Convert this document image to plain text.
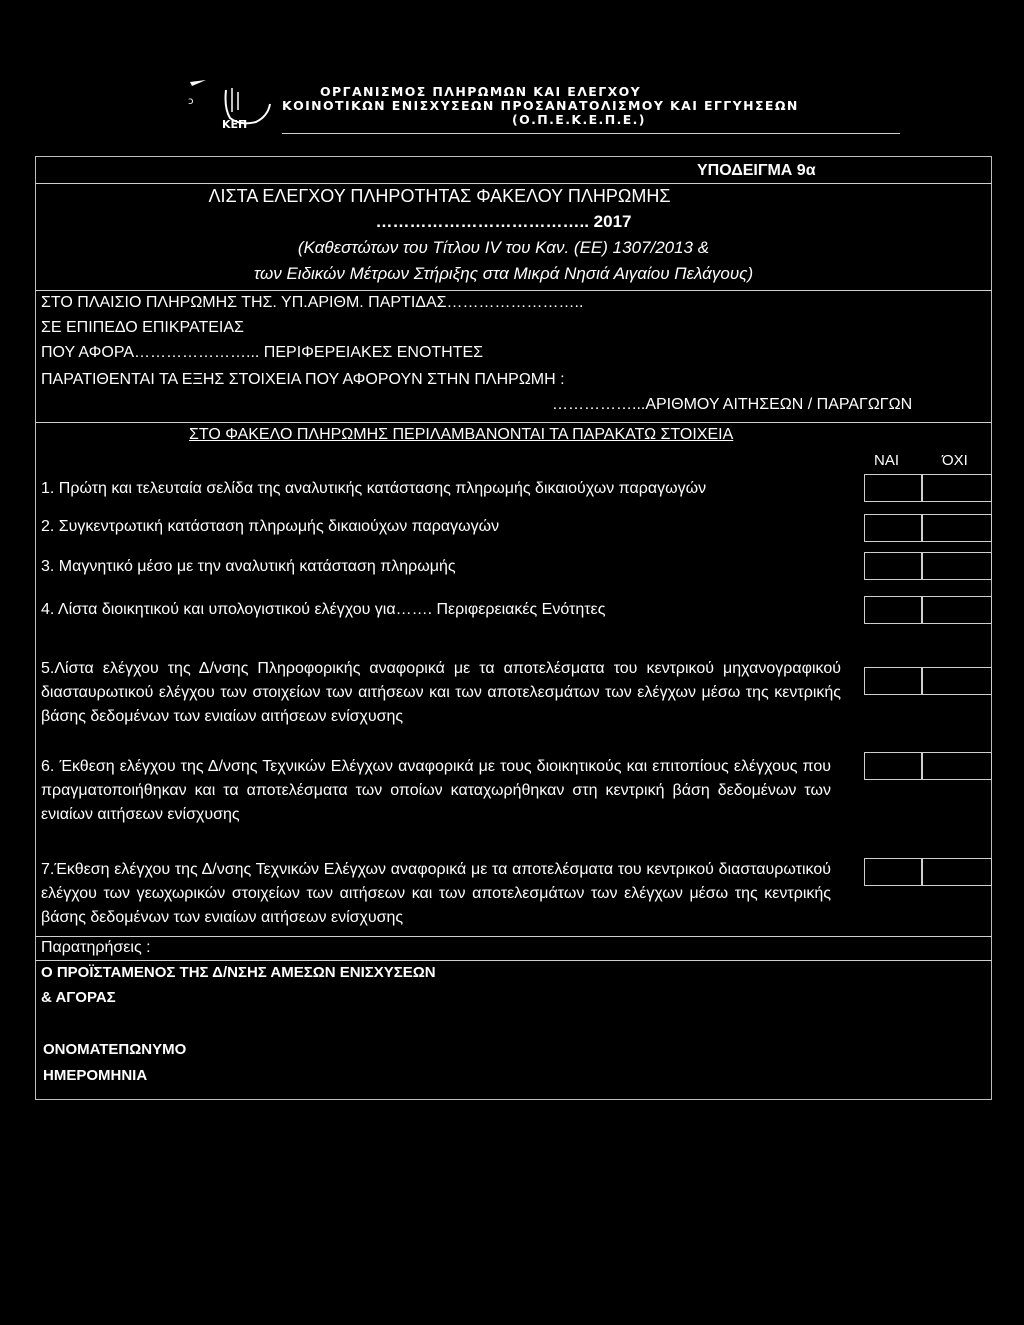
ɔ
ΚΕΠ
ΟΡΓΑΝΙΣΜΟΣ ΠΛΗΡΩΜΩΝ ΚΑΙ ΕΛΕΓΧΟΥ
ΚΟΙΝΟΤΙΚΩΝ ΕΝΙΣΧΥΣΕΩΝ ΠΡΟΣΑΝΑΤΟΛΙΣΜΟΥ ΚΑΙ ΕΓΓΥΗΣΕΩΝ
(Ο.Π.Ε.Κ.Ε.Π.Ε.)
ΥΠΟΔΕΙΓΜΑ 9α
ΛΙΣΤΑ ΕΛΕΓΧΟΥ ΠΛΗΡΟΤΗΤΑΣ ΦΑΚΕΛΟΥ ΠΛΗΡΩΜΗΣ
……………………………….. 2017
(Καθεστώτων του Τίτλου IV του Καν. (ΕΕ) 1307/2013 &
των Ειδικών Μέτρων Στήριξης στα Μικρά Νησιά Αιγαίου Πελάγους)
ΣΤΟ ΠΛΑΙΣΙΟ ΠΛΗΡΩΜΗΣ ΤΗΣ. ΥΠ.ΑΡΙΘΜ. ΠΑΡΤΙΔΑΣ……………………..
ΣΕ ΕΠΙΠΕΔΟ ΕΠΙΚΡΑΤΕΙΑΣ
ΠΟΥ ΑΦΟΡΑ…………………... ΠΕΡΙΦΕΡΕΙΑΚΕΣ ΕΝΟΤΗΤΕΣ
ΠΑΡΑΤΙΘΕΝΤΑΙ ΤΑ ΕΞΗΣ ΣΤΟΙΧΕΙΑ ΠΟΥ ΑΦΟΡΟΥΝ ΣΤΗΝ ΠΛΗΡΩΜΗ :
……………...ΑΡΙΘΜΟΥ ΑΙΤΗΣΕΩΝ / ΠΑΡΑΓΩΓΩΝ
ΣΤΟ ΦΑΚΕΛΟ ΠΛΗΡΩΜΗΣ ΠΕΡΙΛΑΜΒΑΝΟΝΤΑΙ ΤΑ ΠΑΡΑΚΑΤΩ ΣΤΟΙΧΕΙΑ
ΝΑΙ	ΌΧΙ
1. Πρώτη και τελευταία σελίδα της αναλυτικής κατάστασης πληρωμής δικαιούχων παραγωγών
2. Συγκεντρωτική κατάσταση πληρωμής δικαιούχων παραγωγών
3. Μαγνητικό μέσο με την αναλυτική κατάσταση πληρωμής
4. Λίστα διοικητικού και υπολογιστικού ελέγχου για……. Περιφερειακές Ενότητες
5.Λίστα ελέγχου της Δ/νσης Πληροφορικής αναφορικά με τα αποτελέσματα του κεντρικού μηχανογραφικού διασταυρωτικού ελέγχου των στοιχείων των αιτήσεων και των αποτελεσμάτων των ελέγχων μέσω της κεντρικής βάσης δεδομένων των ενιαίων αιτήσεων ενίσχυσης
6. Έκθεση ελέγχου της Δ/νσης Τεχνικών Ελέγχων αναφορικά με τους διοικητικούς και επιτοπίους ελέγχους που πραγματοποιήθηκαν και τα αποτελέσματα των οποίων καταχωρήθηκαν στη κεντρική βάση δεδομένων των ενιαίων αιτήσεων ενίσχυσης
7.Έκθεση ελέγχου της Δ/νσης Τεχνικών Ελέγχων αναφορικά με τα αποτελέσματα του κεντρικού διασταυρωτικού ελέγχου των γεωχωρικών στοιχείων των αιτήσεων και των αποτελεσμάτων των ελέγχων μέσω της κεντρικής βάσης δεδομένων των ενιαίων αιτήσεων ενίσχυσης
Παρατηρήσεις :
Ο ΠΡΟΪΣΤΑΜΕΝΟΣ ΤΗΣ Δ/ΝΣΗΣ ΑΜΕΣΩΝ ΕΝΙΣΧΥΣΕΩΝ
& ΑΓΟΡΑΣ
ΟΝΟΜΑΤΕΠΩΝΥΜΟ
ΗΜΕΡΟΜΗΝΙΑ
